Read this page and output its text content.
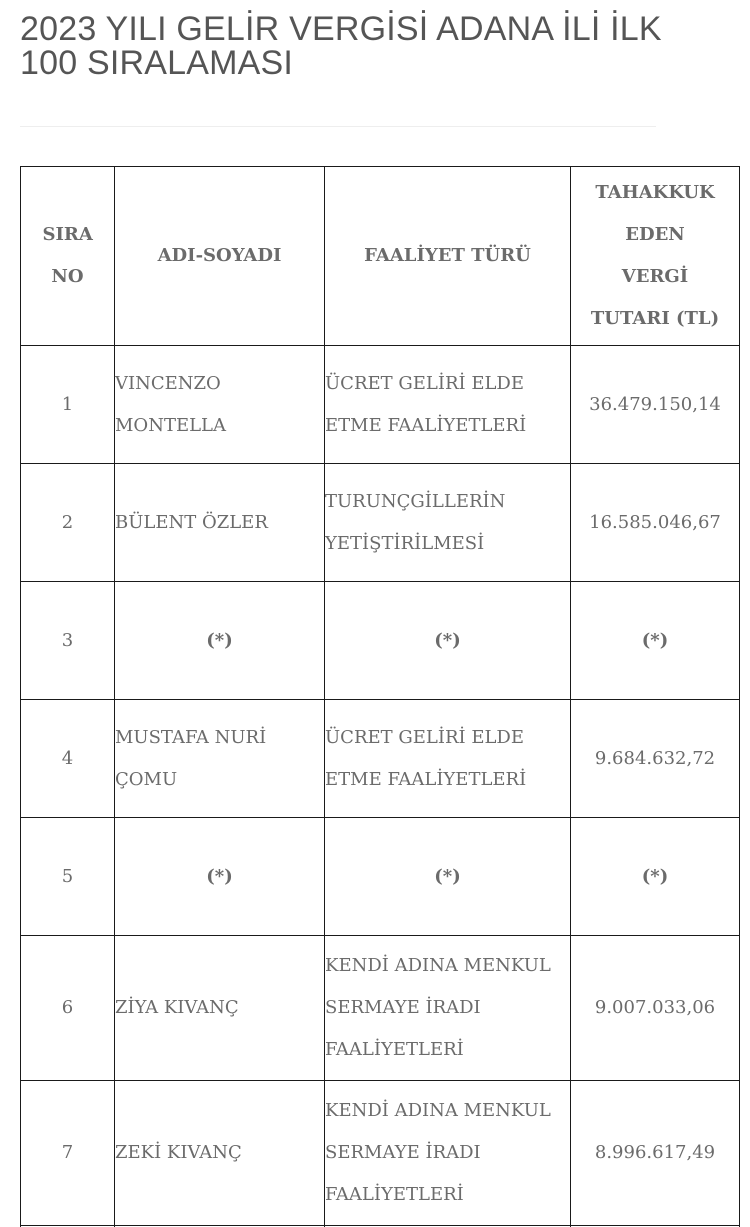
2023 YILI GELİR VERGİSİ ADANA İLİ İLK 100 SIRALAMASI
SIRA NO	ADI-SOYADI	FAALİYET TÜRÜ	TAHAKKUK EDEN VERGİ TUTARI (TL)

1	VINCENZO MONTELLA	ÜCRET GELİRİ ELDE ETME FAALİYETLERİ	36.479.150,14
2	BÜLENT ÖZLER	TURUNÇGİLLERİN YETİŞTİRİLMESİ	16.585.046,67
3	(*)	(*)	(*)
4	MUSTAFA NURİ ÇOMU	ÜCRET GELİRİ ELDE ETME FAALİYETLERİ	9.684.632,72
5	(*)	(*)	(*)
6	ZİYA KIVANÇ	KENDİ ADINA MENKUL SERMAYE İRADI FAALİYETLERİ	9.007.033,06
7	ZEKİ KIVANÇ	KENDİ ADINA MENKUL SERMAYE İRADI FAALİYETLERİ	8.996.617,49
